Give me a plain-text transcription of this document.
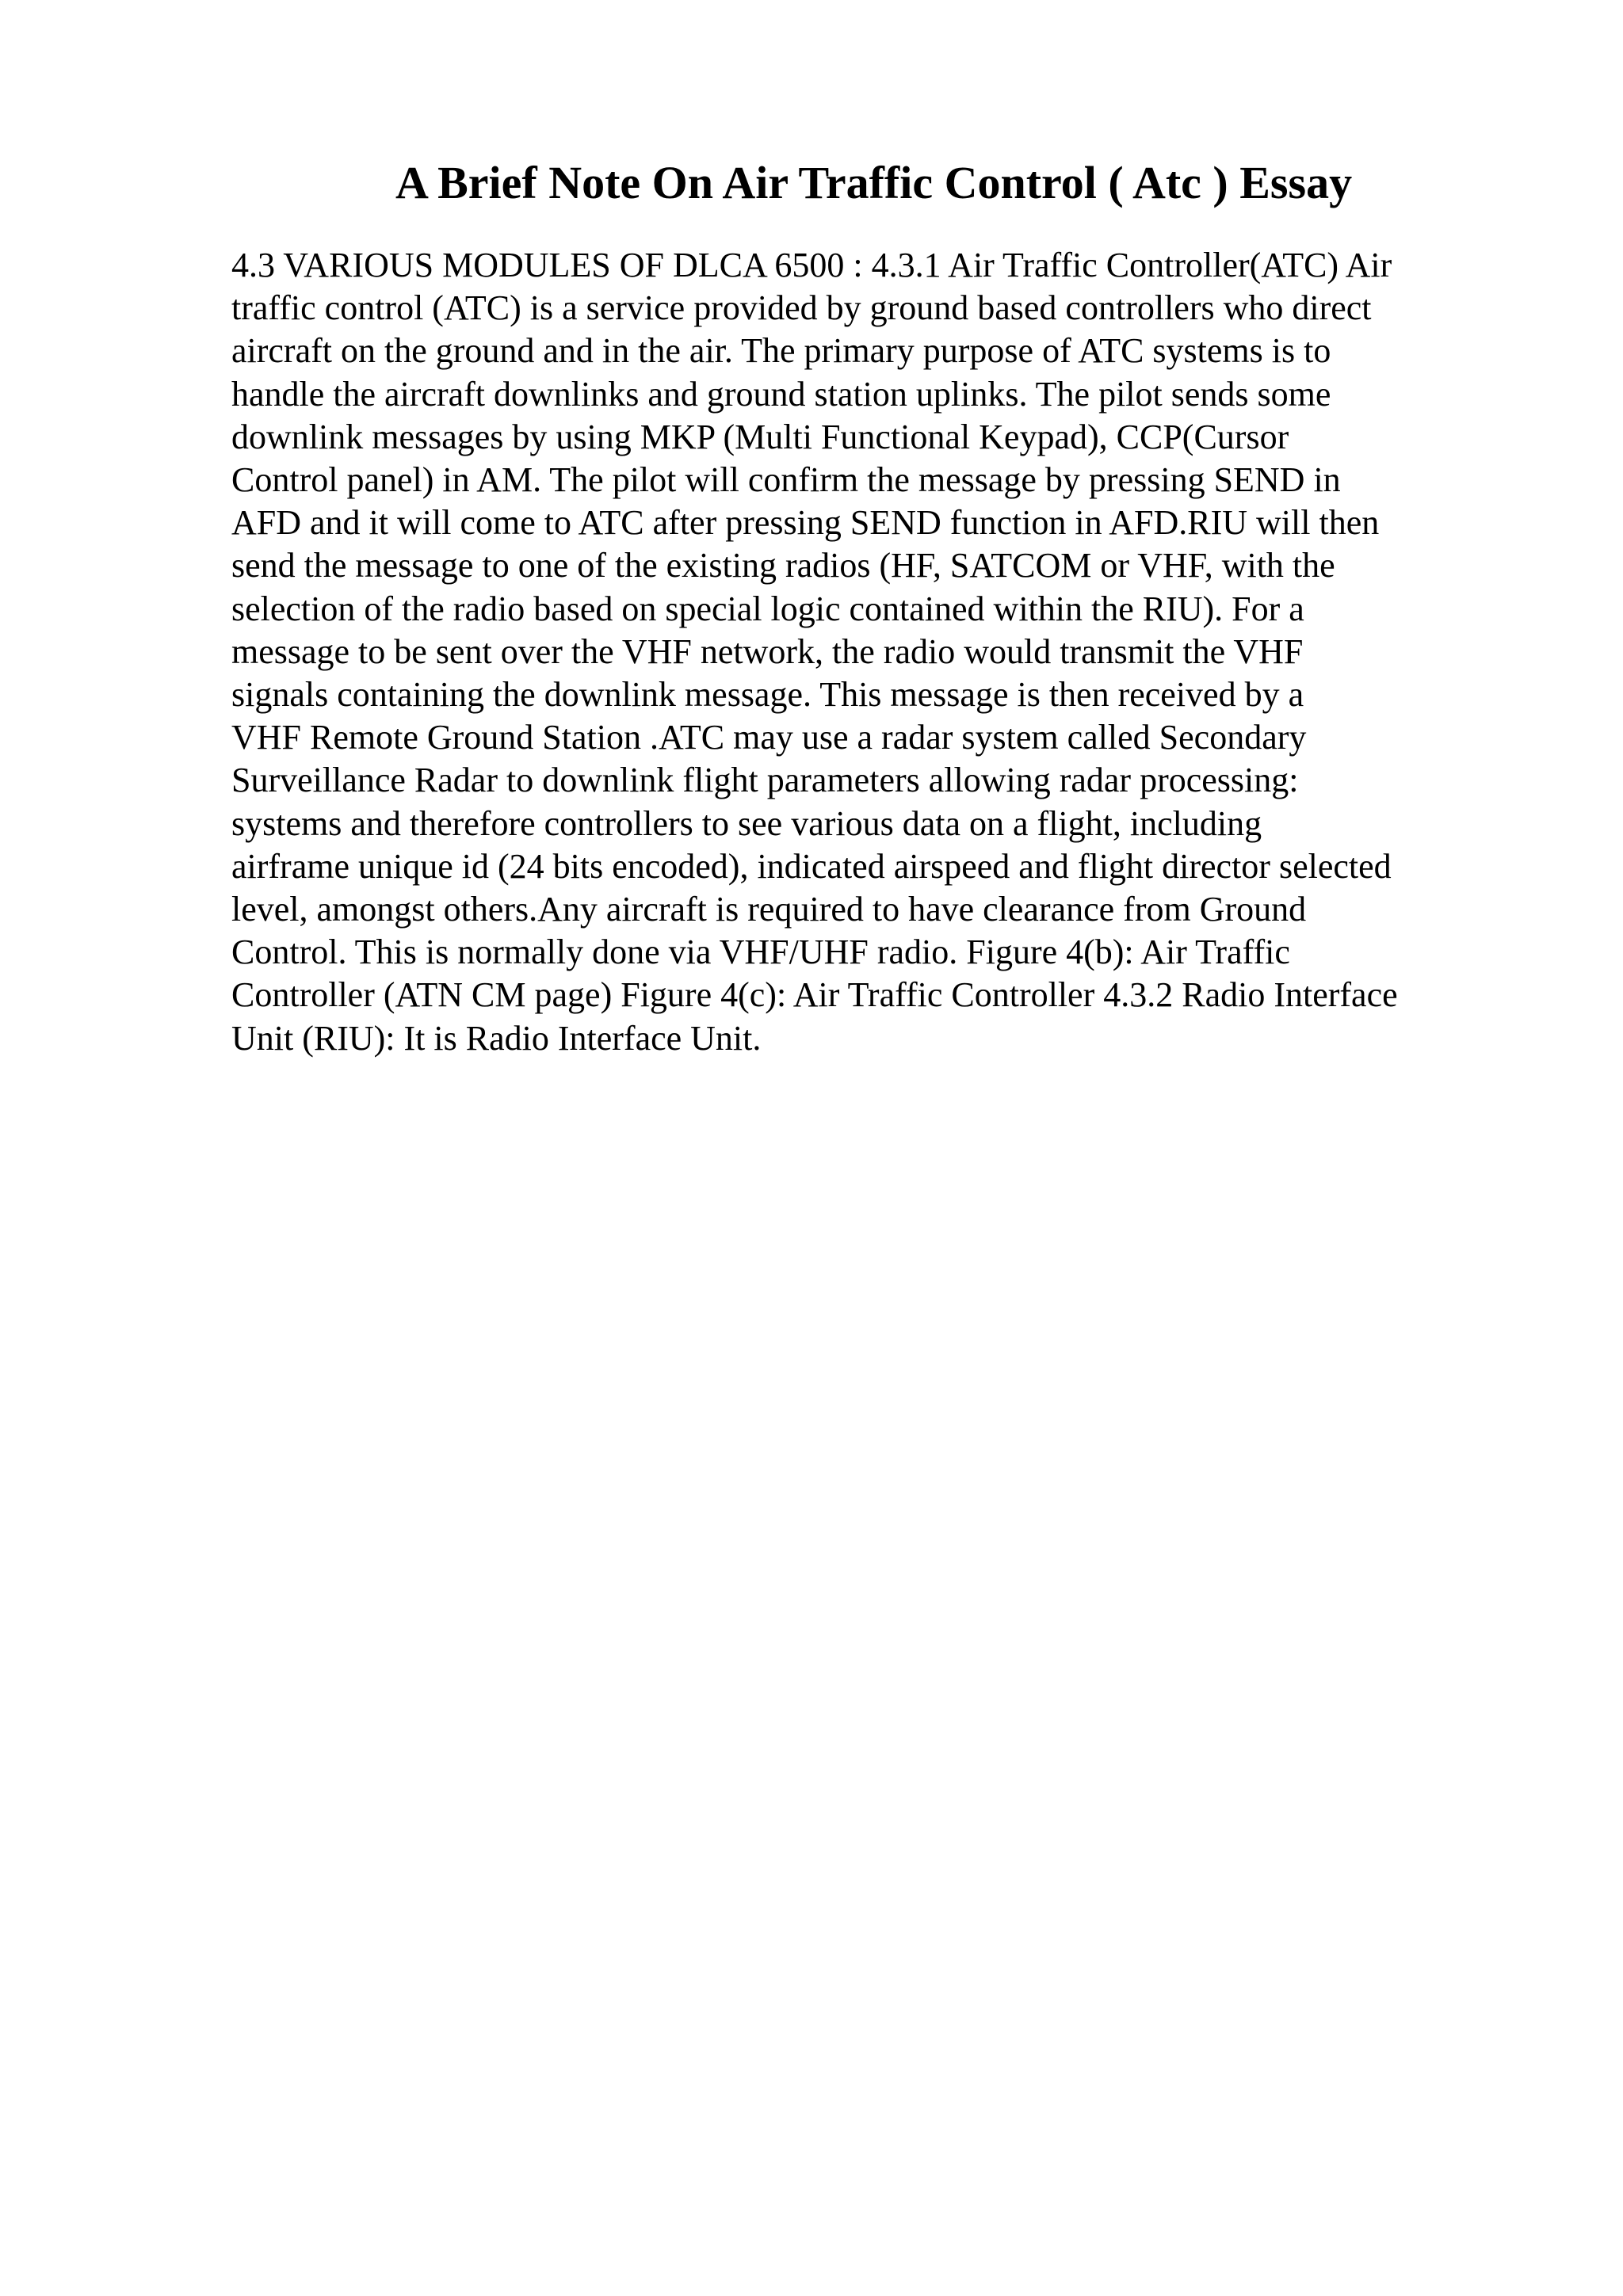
A Brief Note On Air Traffic Control ( Atc ) Essay
4.3 VARIOUS MODULES OF DLCA 6500 : 4.3.1 Air Traffic Controller(ATC) Air
traffic control (ATC) is a service provided by ground based controllers who direct
aircraft on the ground and in the air. The primary purpose of ATC systems is to
handle the aircraft downlinks and ground station uplinks. The pilot sends some
downlink messages by using MKP (Multi Functional Keypad), CCP(Cursor
Control panel) in AM. The pilot will confirm the message by pressing SEND in
AFD and it will come to ATC after pressing SEND function in AFD.RIU will then
send the message to one of the existing radios (HF, SATCOM or VHF, with the
selection of the radio based on special logic contained within the RIU). For a
message to be sent over the VHF network, the radio would transmit the VHF
signals containing the downlink message. This message is then received by a
VHF Remote Ground Station .ATC may use a radar system called Secondary
Surveillance Radar to downlink flight parameters allowing radar processing:
systems and therefore controllers to see various data on a flight, including
airframe unique id (24 bits encoded), indicated airspeed and flight director selected
level, amongst others.Any aircraft is required to have clearance from Ground
Control. This is normally done via VHF/UHF radio. Figure 4(b): Air Traffic
Controller (ATN CM page) Figure 4(c): Air Traffic Controller 4.3.2 Radio Interface
Unit (RIU): It is Radio Interface Unit.
